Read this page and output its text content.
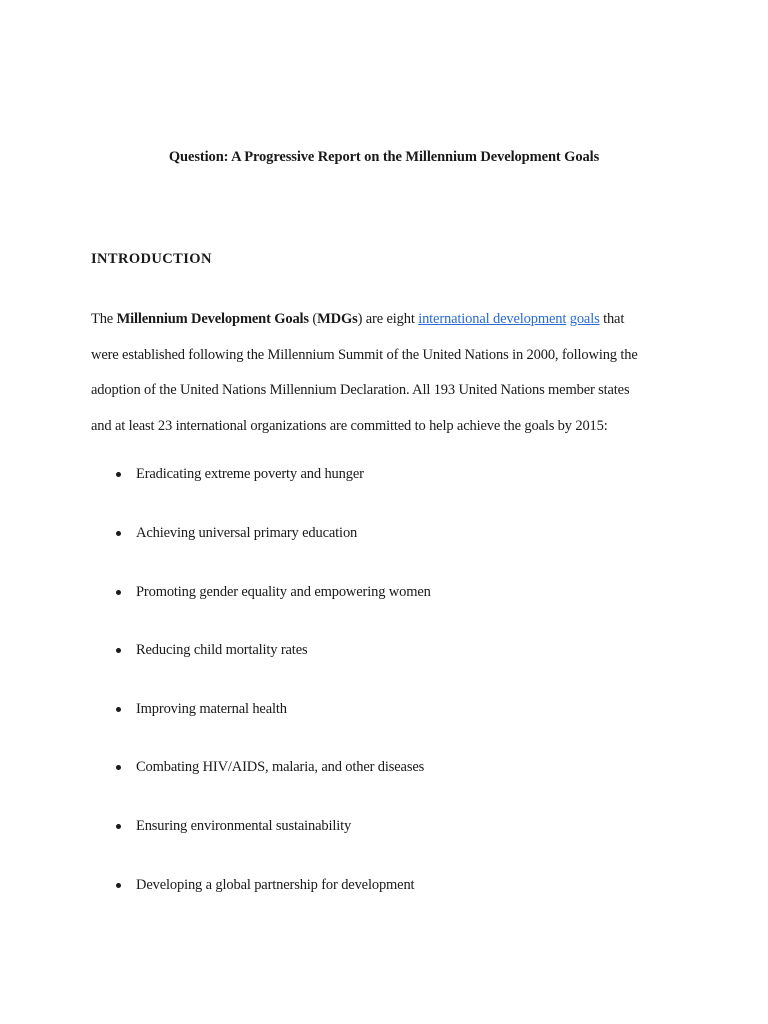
Question: A Progressive Report on the Millennium Development Goals
INTRODUCTION

The Millennium Development Goals (MDGs) are eight international development goals that

were established following the Millennium Summit of the United Nations in 2000, following the

adoption of the United Nations Millennium Declaration. All 193 United Nations member states

and at least 23 international organizations are committed to help achieve the goals by 2015:

Eradicating extreme poverty and hunger
Achieving universal primary education
Promoting gender equality and empowering women
Reducing child mortality rates
Improving maternal health
Combating HIV/AIDS, malaria, and other diseases
Ensuring environmental sustainability
Developing a global partnership for development
